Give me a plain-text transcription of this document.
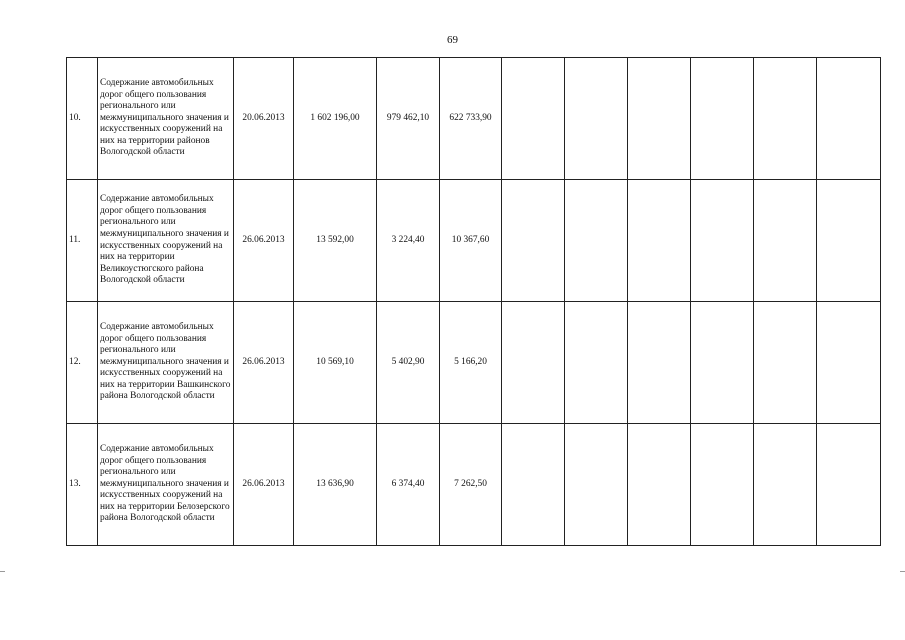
69
10.	Содержание автомобильных дорог общего пользования регионального или межмуниципального значения и искусственных сооружений на них на территории районов Вологодской области	20.06.2013	1 602 196,00	979 462,10	622 733,90						
11.	Содержание автомобильных дорог общего пользования регионального или межмуниципального значения и искусственных сооружений на них на территории Великоустюгского района Вологодской области	26.06.2013	13 592,00	3 224,40	10 367,60						
12.	Содержание автомобильных дорог общего пользования регионального или межмуниципального значения и искусственных сооружений на них на территории Вашкинского района Вологодской области	26.06.2013	10 569,10	5 402,90	5 166,20						
13.	Содержание автомобильных дорог общего пользования регионального или межмуниципального значения и искусственных сооружений на них на территории Белозерского района Вологодской области	26.06.2013	13 636,90	6 374,40	7 262,50						
